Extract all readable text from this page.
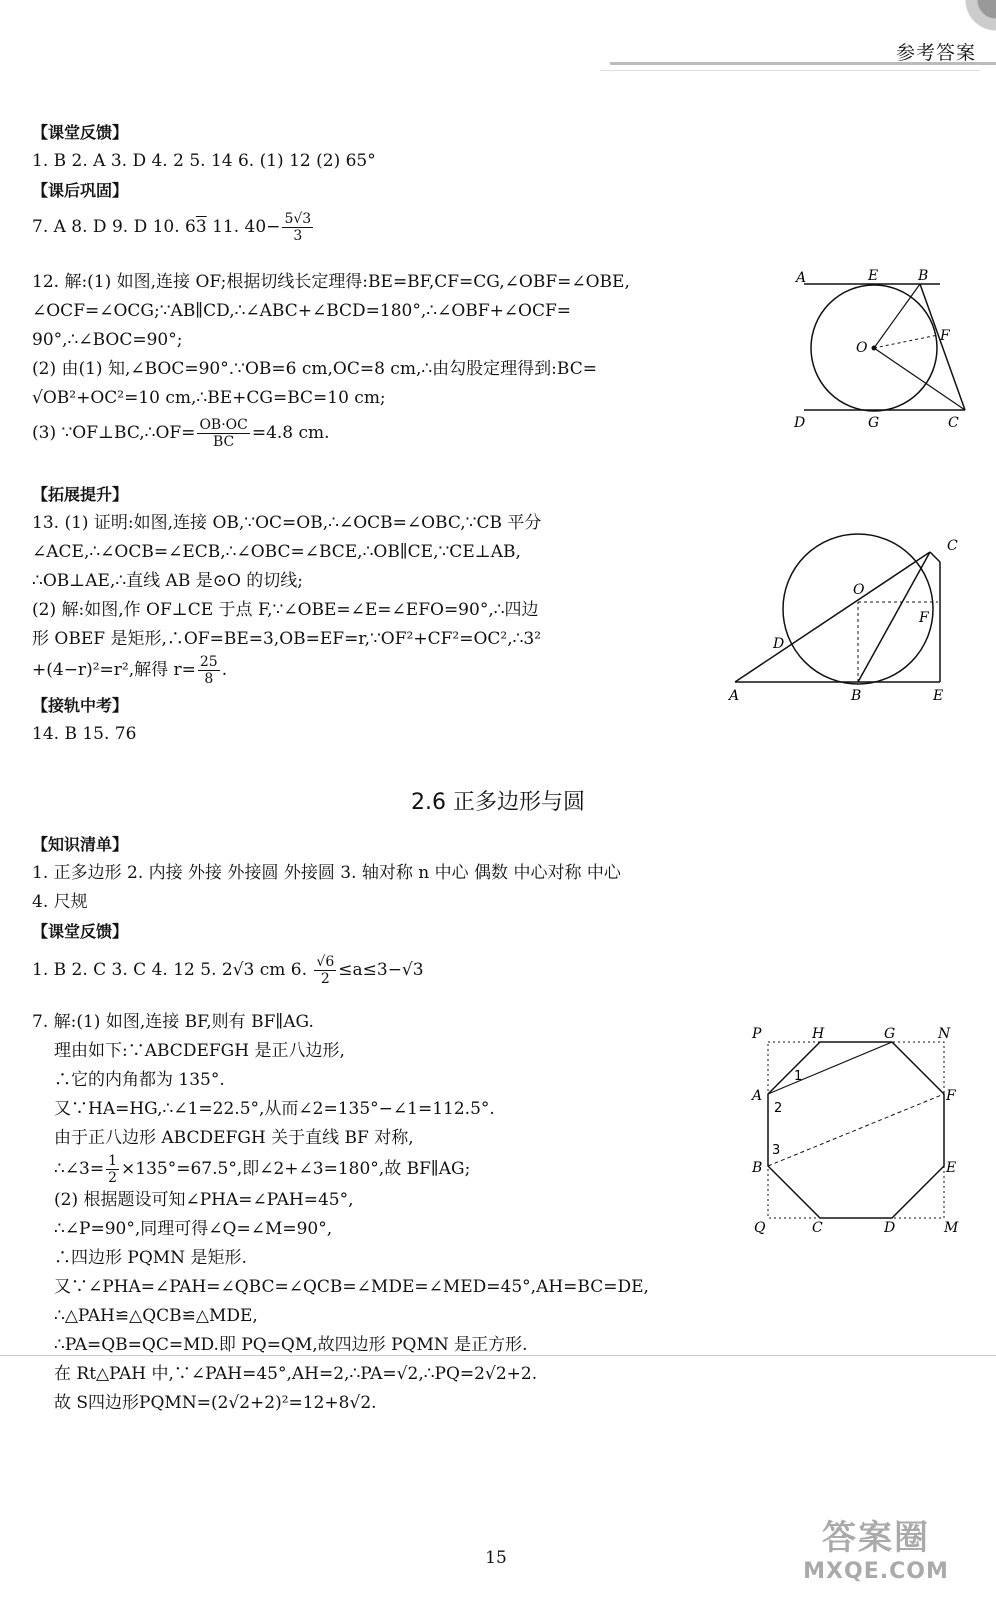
参考答案
【课堂反馈】
1. B 2. A 3. D 4. 2 5. 14 6. (1) 12 (2) 65°
【课后巩固】
7. A 8. D 9. D 10. 63 11. $40- \frac{5√3}{3}$
12. 解:(1) 如图,连接 OF;根据切线长定理得:BE=BF,CF=CG,∠OBF=∠OBE,
∠OCF=∠OCG;∵AB∥CD,∴∠ABC+∠BCD=180°,∴∠OBF+∠OCF=
90°,∴∠BOC=90°;
(2) 由(1) 知,∠BOC=90°.∵OB=6 cm,OC=8 cm,∴由勾股定理得到:BC=
√OB²+OC²=10 cm,∴BE+CG=BC=10 cm;
(3) ∵OF⊥BC,∴OF= $\frac{OB\cdot OC}{BC} =4.8$ cm.
【拓展提升】
13. (1) 证明:如图,连接 OB,∵OC=OB,∴∠OCB=∠OBC,∵CB 平分
∠ACE,∴∠OCB=∠ECB,∴∠OBC=∠BCE,∴OB∥CE,∵CE⊥AB,
∴OB⊥AE,∴直线 AB 是⊙O 的切线;
(2) 解:如图,作 OF⊥CE 于点 F,∵∠OBE=∠E=∠EFO=90°,∴四边
形 OBEF 是矩形,∴OF=BE=3,OB=EF=r,∵OF²+CF²=OC²,∴3²
+(4−r)²=r²,解得 $r= \frac{25}{8}$ .
【接轨中考】
14. B 15. 76
2.6 正多边形与圆
【知识清单】
1. 正多边形 2. 内接 外接 外接圆 外接圆 3. 轴对称 n 中心 偶数 中心对称 中心
4. 尺规
【课堂反馈】
1. B 2. C 3. C 4. 12 5. 2√3 cm 6. $\frac{√6}{2} \le a\le 3-√3$
7. 解:(1) 如图,连接 BF,则有 BF∥AG.
理由如下:∵ABCDEFGH 是正八边形,
∴它的内角都为 135°.
又∵HA=HG,∴∠1=22.5°,从而∠2=135°−∠1=112.5°.
由于正八边形 ABCDEFGH 关于直线 BF 对称,
∴∠3= $\frac{1}{2} \times 135^\circ=67.5^\circ$,即∠2+∠3=180°,故 BF∥AG;
(2) 根据题设可知∠PHA=∠PAH=45°,
∴∠P=90°,同理可得∠Q=∠M=90°,
∴四边形 PQMN 是矩形.
又∵∠PHA=∠PAH=∠QBC=∠QCB=∠MDE=∠MED=45°,AH=BC=DE,
∴△PAH≌△QCB≌△MDE,
∴PA=QB=QC=MD.即 PQ=QM,故四边形 PQMN 是正方形.
在 Rt△PAH 中,∵∠PAH=45°,AH=2,∴PA=√2,∴PQ=2√2+2.
故 S四边形PQMN=(2√2+2)²=12+8√2.
A	E	B
O
F
D	G	C
C
O
F
D
A	B	E
P	H	G	N
A	F
B	E
Q	C	D	M
1
2
3
15	答案圈
MXQE.COM
